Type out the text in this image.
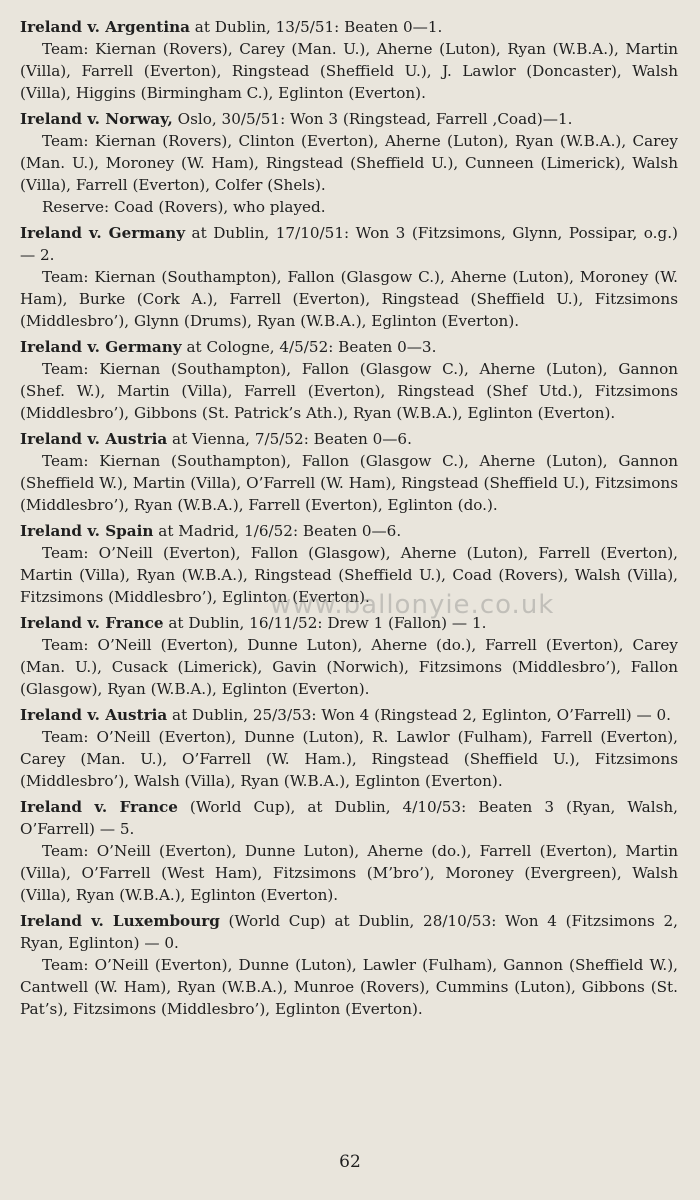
Ireland v. Argentina at Dublin, 13/5/51: Beaten 0—1.
Team: Kiernan (Rovers), Carey (Man. U.), Aherne (Luton), Ryan (W.B.A.), Martin (Villa), Farrell (Everton), Ringstead (Sheffield U.), J. Lawlor (Doncaster), Walsh (Villa), Higgins (Birmingham C.), Eglinton (Everton).
Ireland v. Norway, Oslo, 30/5/51: Won 3 (Ringstead, Farrell ,Coad)—1.
Team: Kiernan (Rovers), Clinton (Everton), Aherne (Luton), Ryan (W.B.A.), Carey (Man. U.), Moroney (W. Ham), Ringstead (Sheffield U.), Cunneen (Limerick), Walsh (Villa), Farrell (Everton), Colfer (Shels).
Reserve: Coad (Rovers), who played.
Ireland v. Germany at Dublin, 17/10/51: Won 3 (Fitzsimons, Glynn, Possipar, o.g.) — 2.
Team: Kiernan (Southampton), Fallon (Glasgow C.), Aherne (Luton), Moroney (W. Ham), Burke (Cork A.), Farrell (Everton), Ringstead (Sheffield U.), Fitzsimons (Middlesbro’), Glynn (Drums), Ryan (W.B.A.), Eglinton (Everton).
Ireland v. Germany at Cologne, 4/5/52: Beaten 0—3.
Team: Kiernan (Southampton), Fallon (Glasgow C.), Aherne (Luton), Gannon (Shef. W.), Martin (Villa), Farrell (Everton), Ringstead (Shef Utd.), Fitzsimons (Middlesbro’), Gibbons (St. Patrick’s Ath.), Ryan (W.B.A.), Eglinton (Everton).
Ireland v. Austria at Vienna, 7/5/52: Beaten 0—6.
Team: Kiernan (Southampton), Fallon (Glasgow C.), Aherne (Luton), Gannon (Sheffield W.), Martin (Villa), O’Farrell (W. Ham), Ringstead (Sheffield U.), Fitzsimons (Middlesbro’), Ryan (W.B.A.), Farrell (Everton), Eglinton (do.).
Ireland v. Spain at Madrid, 1/6/52: Beaten 0—6.
Team: O’Neill (Everton), Fallon (Glasgow), Aherne (Luton), Farrell (Everton), Martin (Villa), Ryan (W.B.A.), Ringstead (Sheffield U.), Coad (Rovers), Walsh (Villa), Fitzsimons (Middlesbro’), Eglinton (Everton).
Ireland v. France at Dublin, 16/11/52: Drew 1 (Fallon) — 1.
Team: O’Neill (Everton), Dunne Luton), Aherne (do.), Farrell (Everton), Carey (Man. U.), Cusack (Limerick), Gavin (Norwich), Fitzsimons (Middlesbro’), Fallon (Glasgow), Ryan (W.B.A.), Eglinton (Everton).
Ireland v. Austria at Dublin, 25/3/53: Won 4 (Ringstead 2, Eglinton, O’Farrell) — 0.
Team: O’Neill (Everton), Dunne (Luton), R. Lawlor (Fulham), Farrell (Everton), Carey (Man. U.), O’Farrell (W. Ham.), Ringstead (Sheffield U.), Fitzsimons (Middlesbro’), Walsh (Villa), Ryan (W.B.A.), Eglinton (Everton).
Ireland v. France (World Cup), at Dublin, 4/10/53: Beaten 3 (Ryan, Walsh, O’Farrell) — 5.
Team: O’Neill (Everton), Dunne Luton), Aherne (do.), Farrell (Everton), Martin (Villa), O’Farrell (West Ham), Fitzsimons (M’bro’), Moroney (Evergreen), Walsh (Villa), Ryan (W.B.A.), Eglinton (Everton).
Ireland v. Luxembourg (World Cup) at Dublin, 28/10/53: Won 4 (Fitzsimons 2, Ryan, Eglinton) — 0.
Team: O’Neill (Everton), Dunne (Luton), Lawler (Fulham), Gannon (Sheffield W.), Cantwell (W. Ham), Ryan (W.B.A.), Munroe (Rovers), Cummins (Luton), Gibbons (St. Pat’s), Fitzsimons (Middlesbro’), Eglinton (Everton).
www.ballonyie.co.uk
62
